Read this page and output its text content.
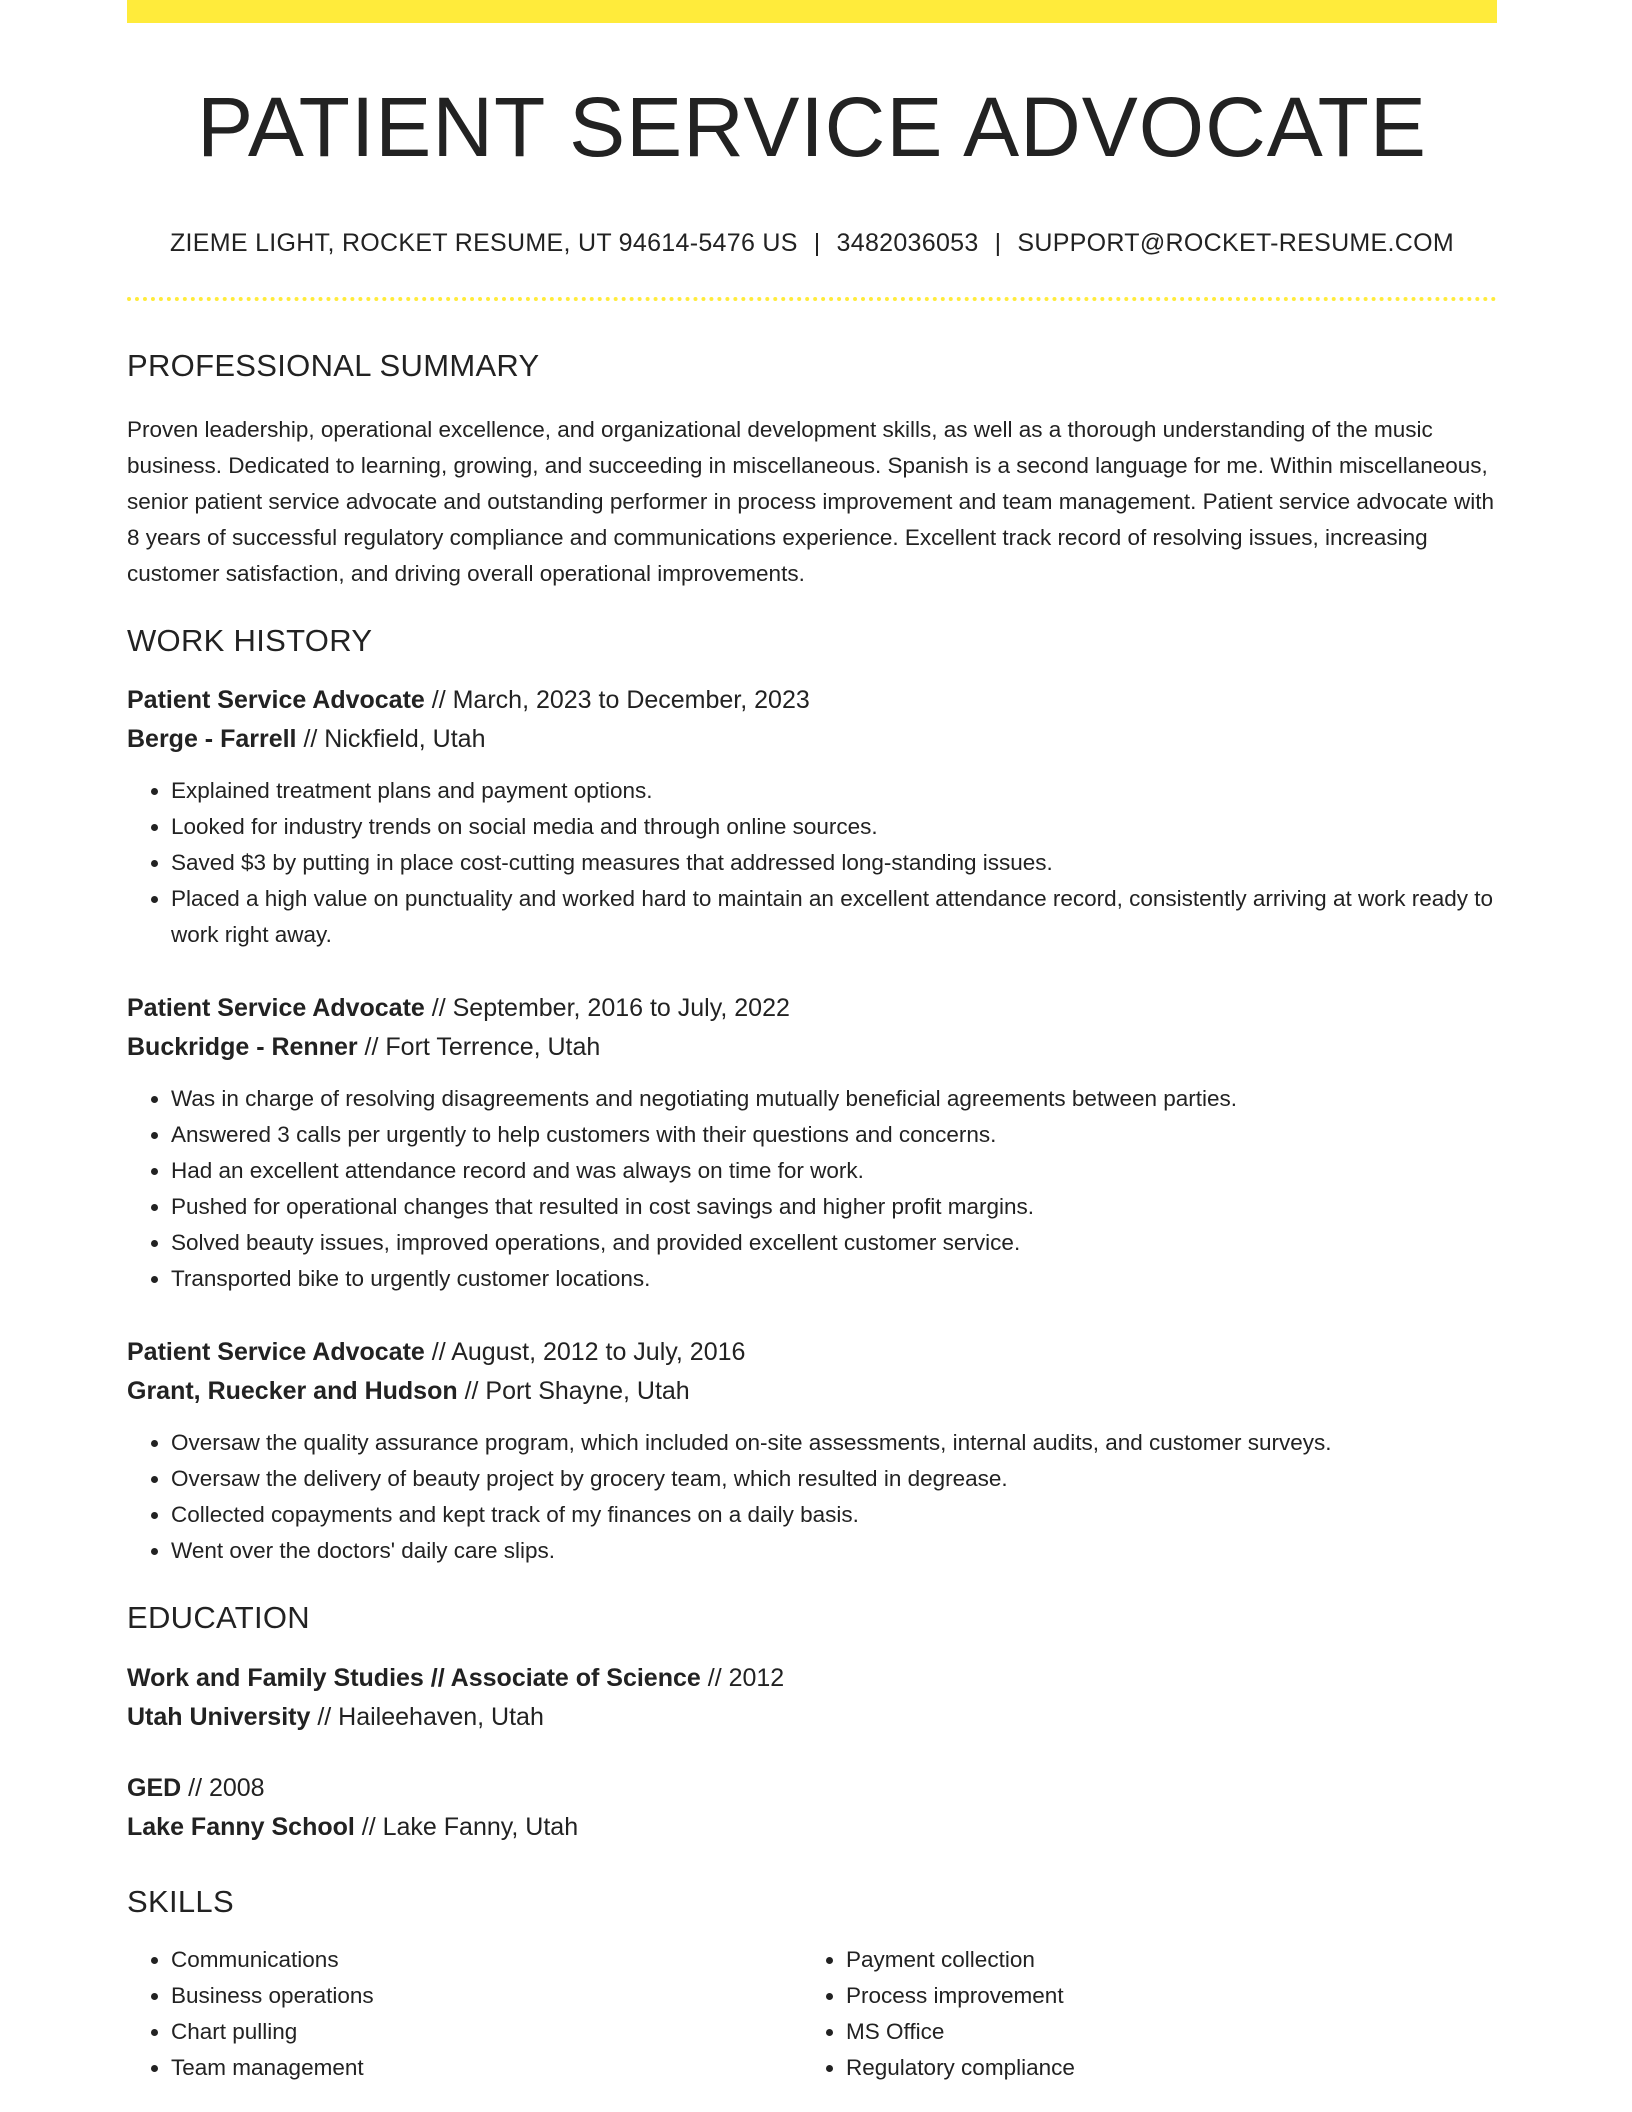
PATIENT SERVICE ADVOCATE
ZIEME LIGHT, ROCKET RESUME, UT 94614-5476 US | 3482036053 | SUPPORT@ROCKET-RESUME.COM
PROFESSIONAL SUMMARY
Proven leadership, operational excellence, and organizational development skills, as well as a thorough understanding of the music business. Dedicated to learning, growing, and succeeding in miscellaneous. Spanish is a second language for me. Within miscellaneous, senior patient service advocate and outstanding performer in process improvement and team management. Patient service advocate with 8 years of successful regulatory compliance and communications experience. Excellent track record of resolving issues, increasing customer satisfaction, and driving overall operational improvements.
WORK HISTORY
Patient Service Advocate // March, 2023 to December, 2023
Berge - Farrell // Nickfield, Utah
• Explained treatment plans and payment options.
• Looked for industry trends on social media and through online sources.
• Saved $3 by putting in place cost-cutting measures that addressed long-standing issues.
• Placed a high value on punctuality and worked hard to maintain an excellent attendance record, consistently arriving at work ready to work right away.
Patient Service Advocate // September, 2016 to July, 2022
Buckridge - Renner // Fort Terrence, Utah
• Was in charge of resolving disagreements and negotiating mutually beneficial agreements between parties.
• Answered 3 calls per urgently to help customers with their questions and concerns.
• Had an excellent attendance record and was always on time for work.
• Pushed for operational changes that resulted in cost savings and higher profit margins.
• Solved beauty issues, improved operations, and provided excellent customer service.
• Transported bike to urgently customer locations.
Patient Service Advocate // August, 2012 to July, 2016
Grant, Ruecker and Hudson // Port Shayne, Utah
• Oversaw the quality assurance program, which included on-site assessments, internal audits, and customer surveys.
• Oversaw the delivery of beauty project by grocery team, which resulted in degrease.
• Collected copayments and kept track of my finances on a daily basis.
• Went over the doctors' daily care slips.
EDUCATION
Work and Family Studies // Associate of Science // 2012
Utah University // Haileehaven, Utah
GED // 2008
Lake Fanny School // Lake Fanny, Utah
SKILLS
• Communications
• Business operations
• Chart pulling
• Team management
• Payment collection
• Process improvement
• MS Office
• Regulatory compliance
